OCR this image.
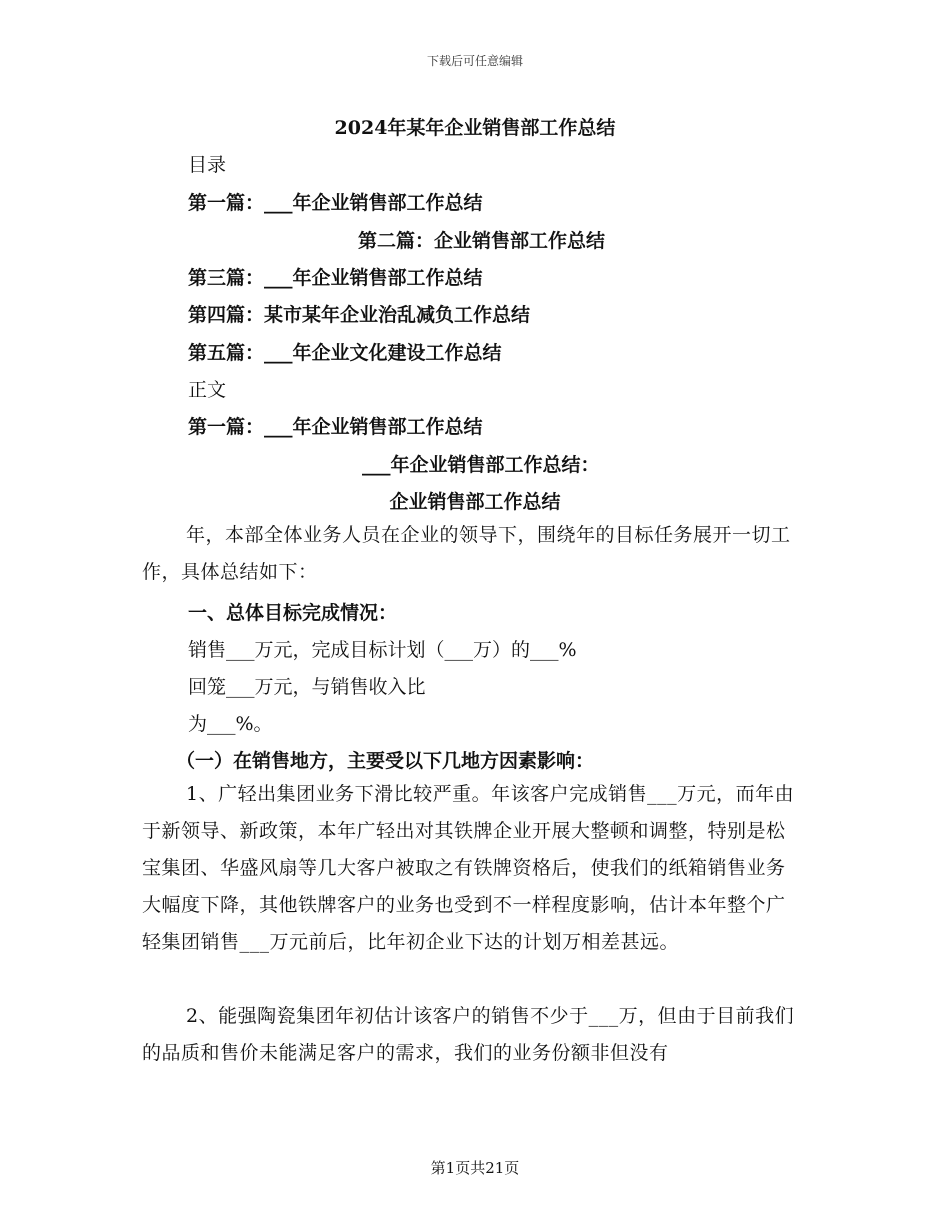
下载后可任意编辑
2024年某年企业销售部工作总结
目录
第一篇：___年企业销售部工作总结
第二篇：企业销售部工作总结
第三篇：___年企业销售部工作总结
第四篇：某市某年企业治乱减负工作总结
第五篇：___年企业文化建设工作总结
正文
第一篇：___年企业销售部工作总结
___年企业销售部工作总结：
企业销售部工作总结
年，本部全体业务人员在企业的领导下，围绕年的目标任务展开一切工作，具体总结如下：
一、总体目标完成情况：
销售___万元，完成目标计划（___万）的___%
回笼___万元，与销售收入比
为___%。
（一）在销售地方，主要受以下几地方因素影响：
1、广轻出集团业务下滑比较严重。年该客户完成销售___万元，而年由于新领导、新政策，本年广轻出对其铁牌企业开展大整顿和调整，特别是松宝集团、华盛风扇等几大客户被取之有铁牌资格后，使我们的纸箱销售业务大幅度下降，其他铁牌客户的业务也受到不一样程度影响，估计本年整个广轻集团销售___万元前后，比年初企业下达的计划万相差甚远。
2、能强陶瓷集团年初估计该客户的销售不少于___万，但由于目前我们的品质和售价未能满足客户的需求，我们的业务份额非但没有
第1页共21页
